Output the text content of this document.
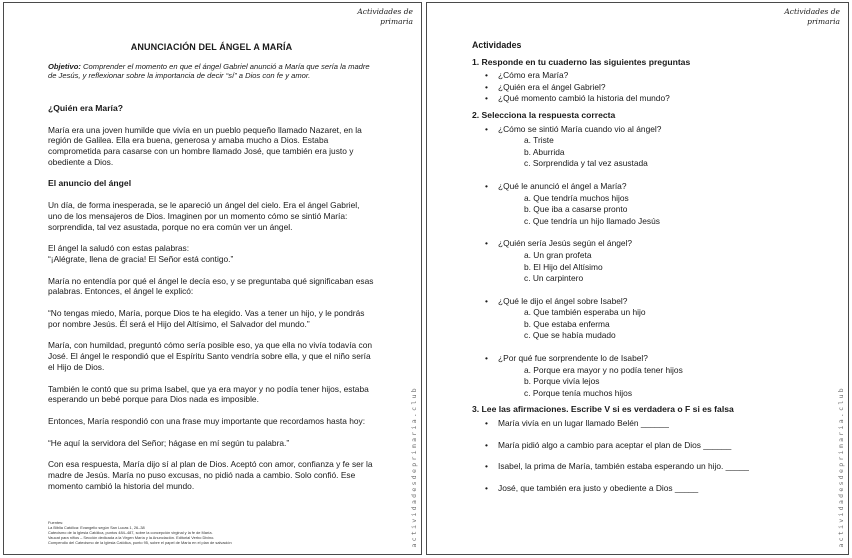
Actividades de
primaria
ANUNCIACIÓN DEL ÁNGEL A MARÍA
Objetivo: Comprender el momento en que el ángel Gabriel anunció a María que sería la madre de Jesús, y reflexionar sobre la importancia de decir “sí” a Dios con fe y amor.
¿Quién era María?

María era una joven humilde que vivía en un pueblo pequeño llamado Nazaret, en la región de Galilea. Ella era buena, generosa y amaba mucho a Dios. Estaba comprometida para casarse con un hombre llamado José, que también era justo y obediente a Dios.

El anuncio del ángel

Un día, de forma inesperada, se le apareció un ángel del cielo. Era el ángel Gabriel, uno de los mensajeros de Dios. Imaginen por un momento cómo se sintió María: sorprendida, tal vez asustada, porque no era común ver un ángel.

El ángel la saludó con estas palabras:
“¡Alégrate, llena de gracia! El Señor está contigo.”

María no entendía por qué el ángel le decía eso, y se preguntaba qué significaban esas palabras. Entonces, el ángel le explicó:

“No tengas miedo, María, porque Dios te ha elegido. Vas a tener un hijo, y le pondrás por nombre Jesús. Él será el Hijo del Altísimo, el Salvador del mundo.”

María, con humildad, preguntó cómo sería posible eso, ya que ella no vivía todavía con José. El ángel le respondió que el Espíritu Santo vendría sobre ella, y que el niño sería el Hijo de Dios.

También le contó que su prima Isabel, que ya era mayor y no podía tener hijos, estaba esperando un bebé porque para Dios nada es imposible.

Entonces, María respondió con una frase muy importante que recordamos hasta hoy:

“He aquí la servidora del Señor; hágase en mí según tu palabra.”

Con esa respuesta, María dijo sí al plan de Dios. Aceptó con amor, confianza y fe ser la madre de Jesús. María no puso excusas, no pidió nada a cambio. Solo confió. Ese momento cambió la historia del mundo.

Fuentes:
La Biblia Católica: Evangelio según San Lucas 1, 26–38
Catecismo de la Iglesia Católica, puntos 484–487, sobre la concepción virginal y la fe de María.
Vaucat para niños – Sección dedicada a la Virgen María y la Anunciación. Editorial Verbo Divino.
Compendio del Catecismo de la Iglesia Católica, punto 95, sobre el papel de María en el plan de salvación	actividadesdeprimaria.club
Actividades de
primaria
Actividades
1. Responde en tu cuaderno las siguientes preguntas
• ¿Cómo era María?
• ¿Quién era el ángel Gabriel?
• ¿Qué momento cambió la historia del mundo?
2. Selecciona la respuesta correcta
• ¿Cómo se sintió María cuando vio al ángel?
a. Triste
b. Aburrida
c. Sorprendida y tal vez asustada
• ¿Qué le anunció el ángel a María?
a. Que tendría muchos hijos
b. Que iba a casarse pronto
c. Que tendría un hijo llamado Jesús
• ¿Quién sería Jesús según el ángel?
a. Un gran profeta
b. El Hijo del Altísimo
c. Un carpintero
• ¿Qué le dijo el ángel sobre Isabel?
a. Que también esperaba un hijo
b. Que estaba enferma
c. Que se había mudado
• ¿Por qué fue sorprendente lo de Isabel?
a. Porque era mayor y no podía tener hijos
b. Porque vivía lejos
c. Porque tenía muchos hijos
3. Lee las afirmaciones. Escribe V si es verdadera o F si es falsa
• María vivía en un lugar llamado Belén ______
• María pidió algo a cambio para aceptar el plan de Dios ______
• Isabel, la prima de María, también estaba esperando un hijo. _____
• José, que también era justo y obediente a Dios _____	actividadesdeprimaria.club
